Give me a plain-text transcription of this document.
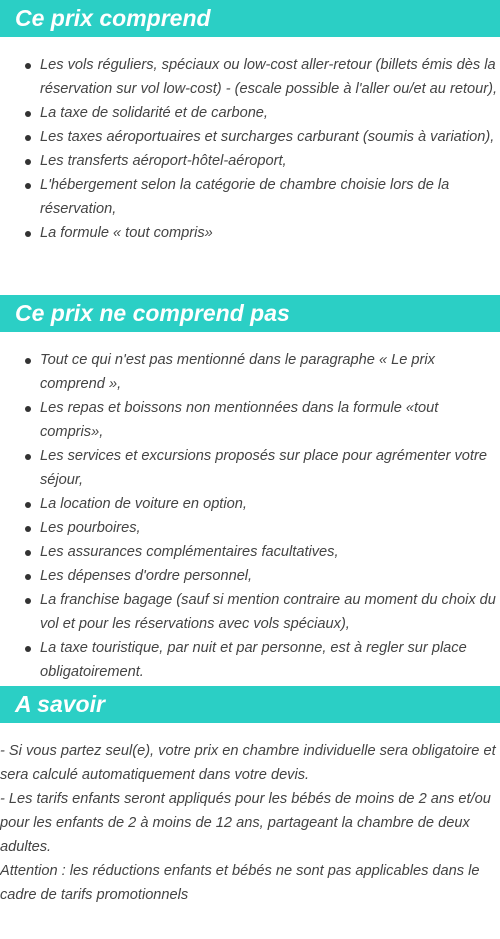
Ce prix comprend
Les vols réguliers, spéciaux ou low-cost aller-retour (billets émis dès la réservation sur vol low-cost) - (escale possible à l'aller ou/et au retour),
La taxe de solidarité et de carbone,
Les taxes aéroportuaires et surcharges carburant (soumis à variation),
Les transferts aéroport-hôtel-aéroport,
L'hébergement selon la catégorie de chambre choisie lors de la réservation,
La formule « tout compris»
Ce prix ne comprend pas
Tout ce qui n'est pas mentionné dans le paragraphe « Le prix comprend »,
Les repas et boissons non mentionnées dans la formule «tout compris»,
Les services et excursions proposés sur place pour agrémenter votre séjour,
La location de voiture en option,
Les pourboires,
Les assurances complémentaires facultatives,
Les dépenses d'ordre personnel,
La franchise bagage (sauf si mention contraire au moment du choix du vol et pour les réservations avec vols spéciaux),
La taxe touristique, par nuit et par personne, est à regler sur place obligatoirement.
A savoir

- Si vous partez seul(e), votre prix en chambre individuelle sera obligatoire et sera calculé automatiquement dans votre devis.

- Les tarifs enfants seront appliqués pour les bébés de moins de 2 ans et/ou pour les enfants de 2 à moins de 12 ans, partageant la chambre de deux adultes.

Attention : les réductions enfants et bébés ne sont pas applicables dans le cadre de tarifs promotionnels
